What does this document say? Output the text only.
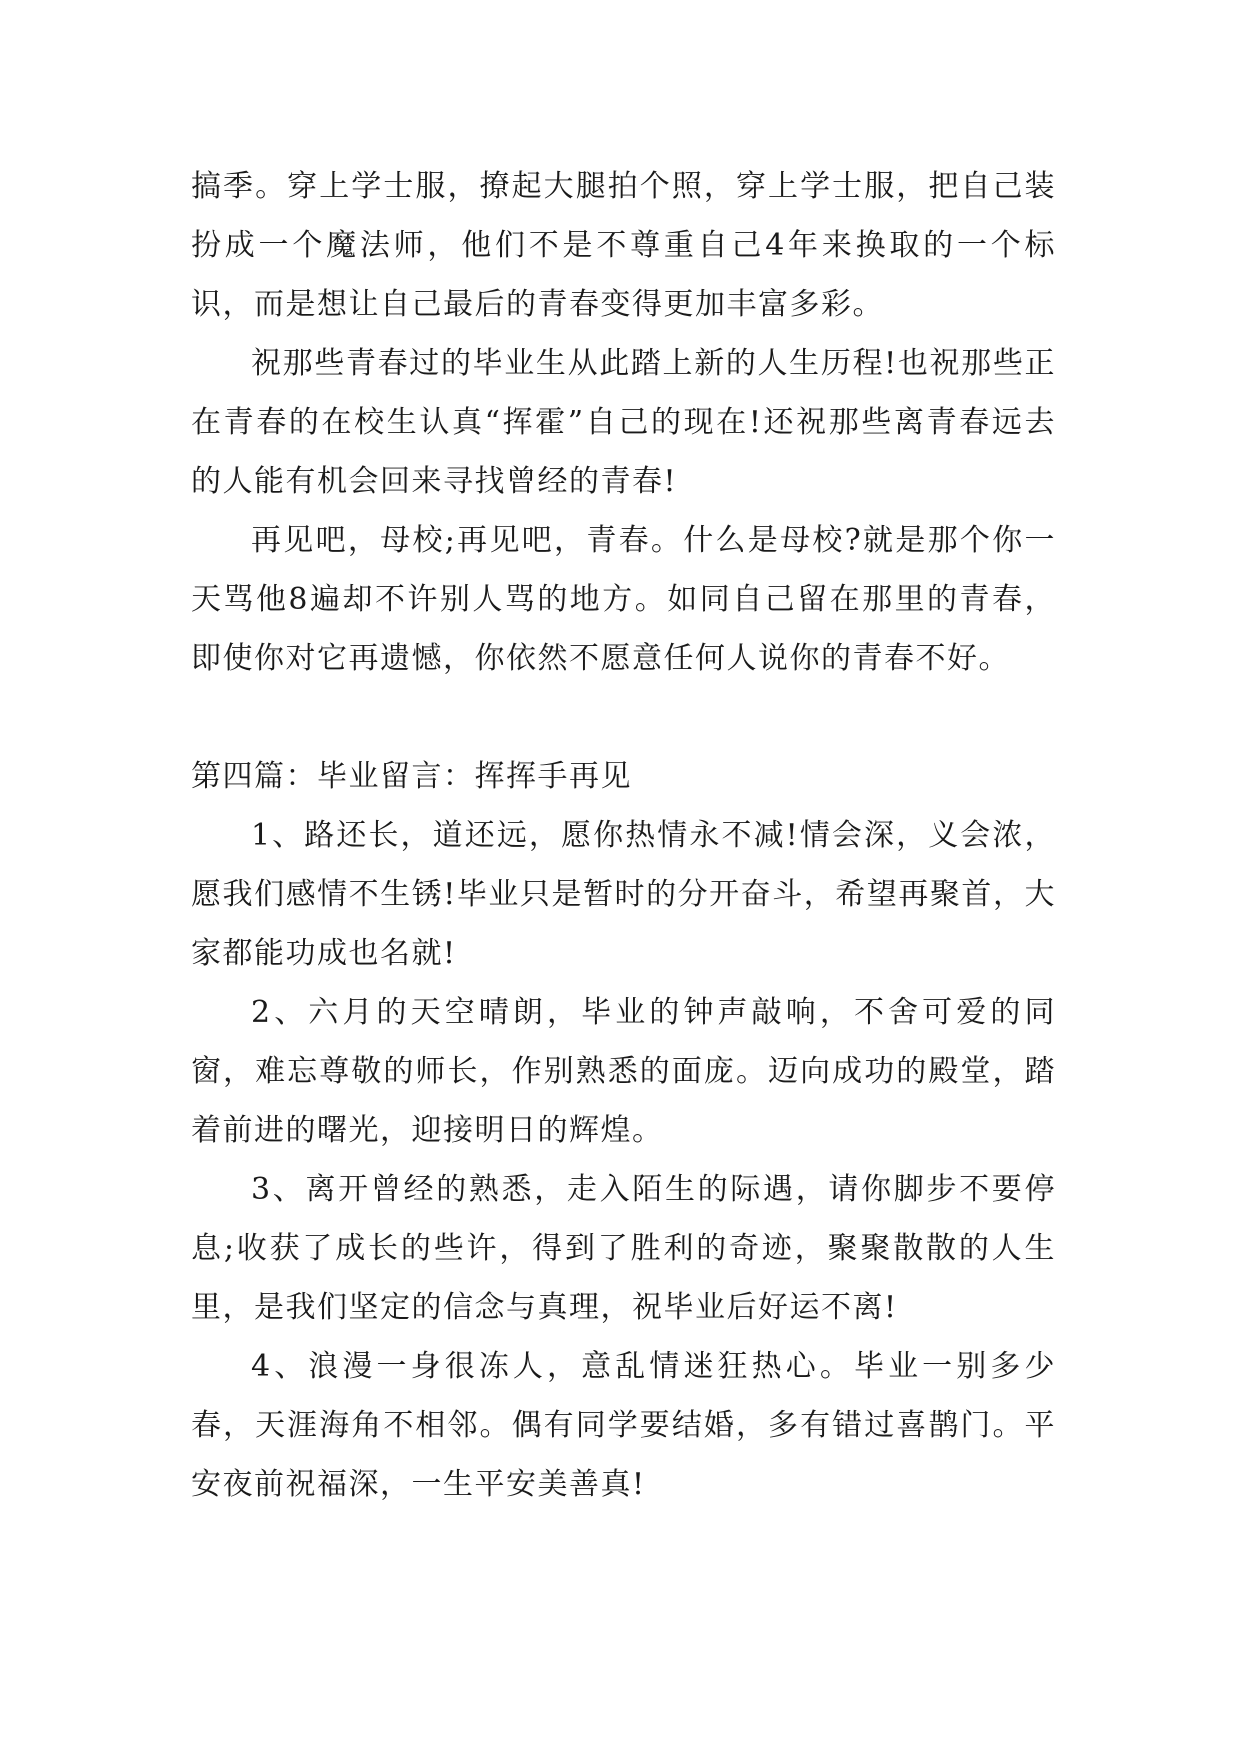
搞季。穿上学士服，撩起大腿拍个照，穿上学士服，把自己装扮成一个魔法师，他们不是不尊重自己4年来换取的一个标识，而是想让自己最后的青春变得更加丰富多彩。

祝那些青春过的毕业生从此踏上新的人生历程!也祝那些正在青春的在校生认真“挥霍”自己的现在!还祝那些离青春远去的人能有机会回来寻找曾经的青春!

再见吧，母校;再见吧，青春。什么是母校?就是那个你一天骂他8遍却不许别人骂的地方。如同自己留在那里的青春，即使你对它再遗憾，你依然不愿意任何人说你的青春不好。

第四篇：毕业留言：挥挥手再见

1、路还长，道还远，愿你热情永不减!情会深，义会浓，愿我们感情不生锈!毕业只是暂时的分开奋斗，希望再聚首，大家都能功成也名就!

2、六月的天空晴朗，毕业的钟声敲响，不舍可爱的同窗，难忘尊敬的师长，作别熟悉的面庞。迈向成功的殿堂，踏着前进的曙光，迎接明日的辉煌。

3、离开曾经的熟悉，走入陌生的际遇，请你脚步不要停息;收获了成长的些许，得到了胜利的奇迹，聚聚散散的人生里，是我们坚定的信念与真理，祝毕业后好运不离!

4、浪漫一身很冻人，意乱情迷狂热心。毕业一别多少春，天涯海角不相邻。偶有同学要结婚，多有错过喜鹊门。平安夜前祝福深，一生平安美善真!
